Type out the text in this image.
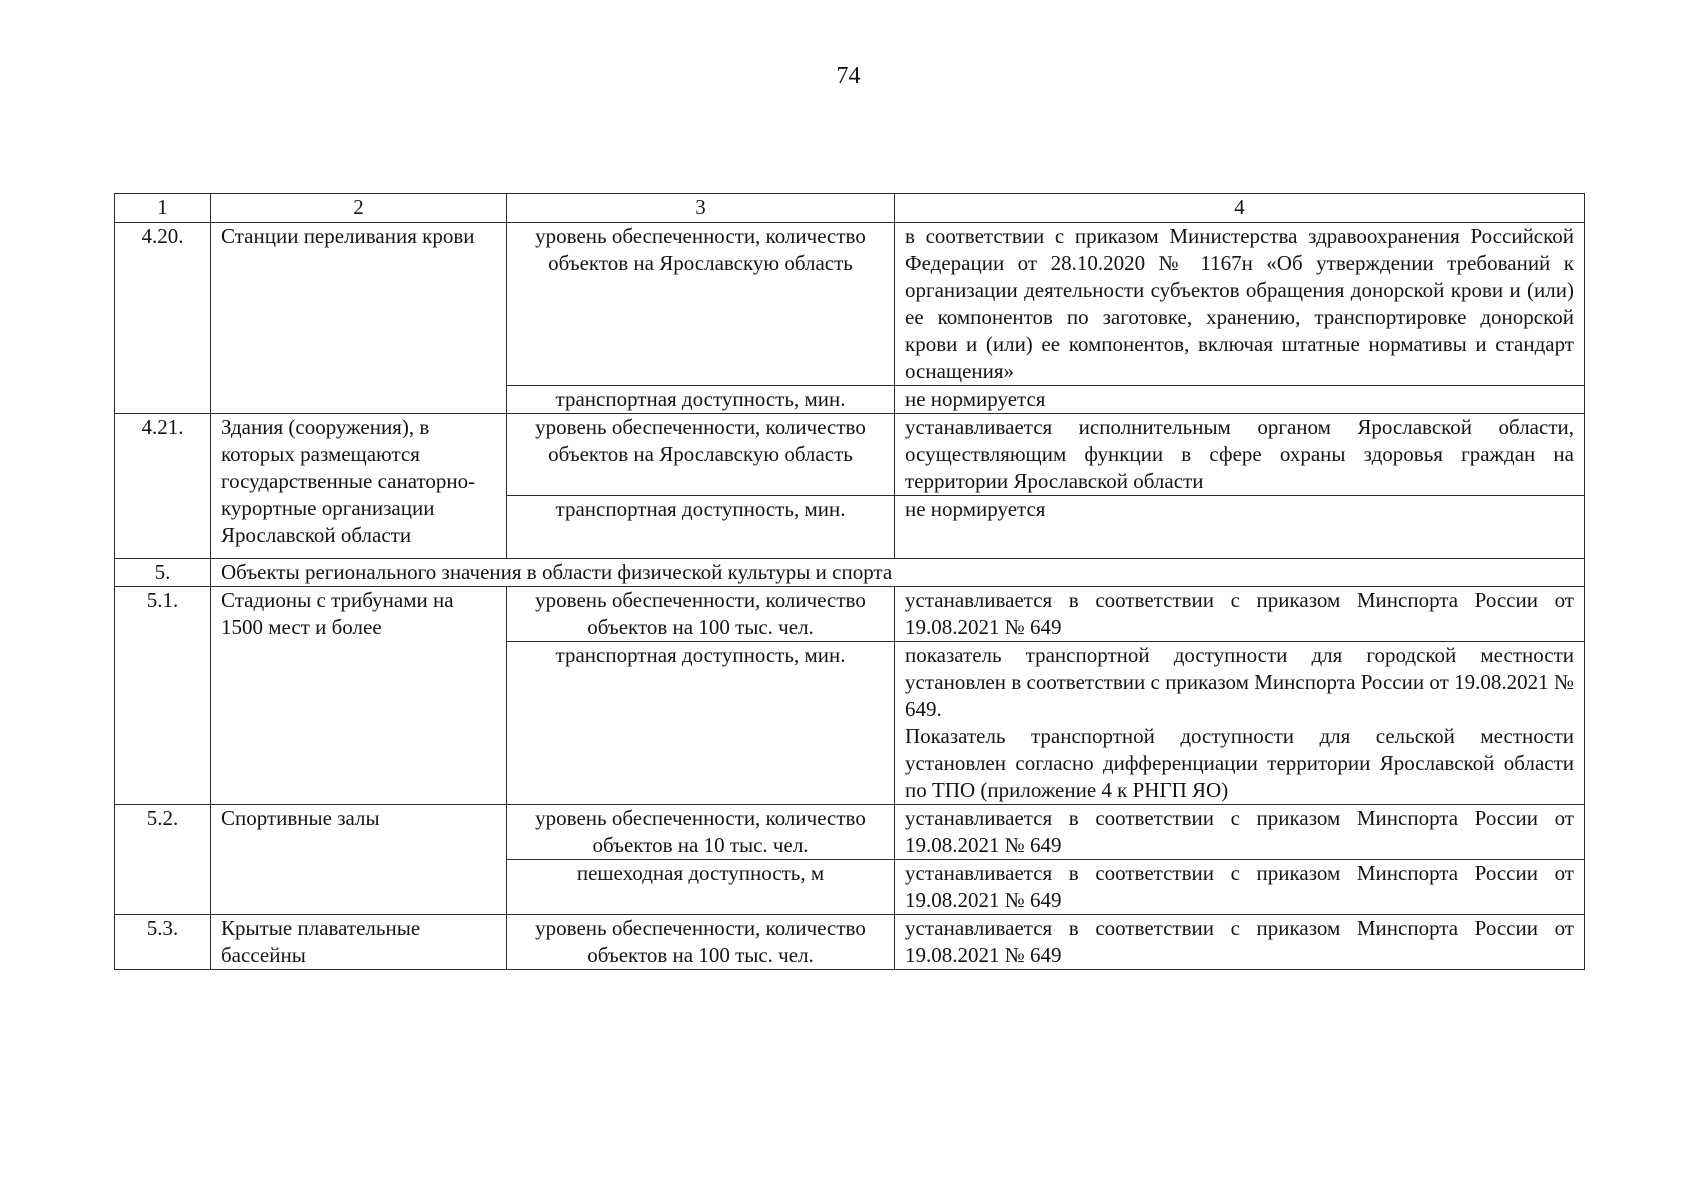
74
1	2	3	4
4.20.	Станции переливания крови	уровень обеспеченности, количество объектов на Ярославскую область	в соответствии с приказом Министерства здравоохранения Российской Федерации от 28.10.2020 № 1167н «Об утверждении требований к организации деятельности субъектов обращения донорской крови и (или) ее компонентов по заготовке, хранению, транспортировке донорской крови и (или) ее компонентов, включая штатные нормативы и стандарт оснащения»
		транспортная доступность, мин.	не нормируется
4.21.	Здания (сооружения), в которых размещаются государственные санаторно-курортные организации Ярославской области	уровень обеспеченности, количество объектов на Ярославскую область	устанавливается исполнительным органом Ярославской области, осуществляющим функции в сфере охраны здоровья граждан на территории Ярославской области
		транспортная доступность, мин.	не нормируется
5.	Объекты регионального значения в области физической культуры и спорта		
5.1.	Стадионы с трибунами на 1500 мест и более	уровень обеспеченности, количество объектов на 100 тыс. чел.	устанавливается в соответствии с приказом Минспорта России от 19.08.2021 № 649
		транспортная доступность, мин.	показатель транспортной доступности для городской местности установлен в соответствии с приказом Минспорта России от 19.08.2021 № 649.
Показатель транспортной доступности для сельской местности установлен согласно дифференциации территории Ярославской области по ТПО (приложение 4 к РНГП ЯО)

5.2.	Спортивные залы	уровень обеспеченности, количество объектов на 10 тыс. чел.	устанавливается в соответствии с приказом Минспорта России от 19.08.2021 № 649
		пешеходная доступность, м	устанавливается в соответствии с приказом Минспорта России от 19.08.2021 № 649
5.3.	Крытые плавательные бассейны	уровень обеспеченности, количество объектов на 100 тыс. чел.	устанавливается в соответствии с приказом Минспорта России от 19.08.2021 № 649
